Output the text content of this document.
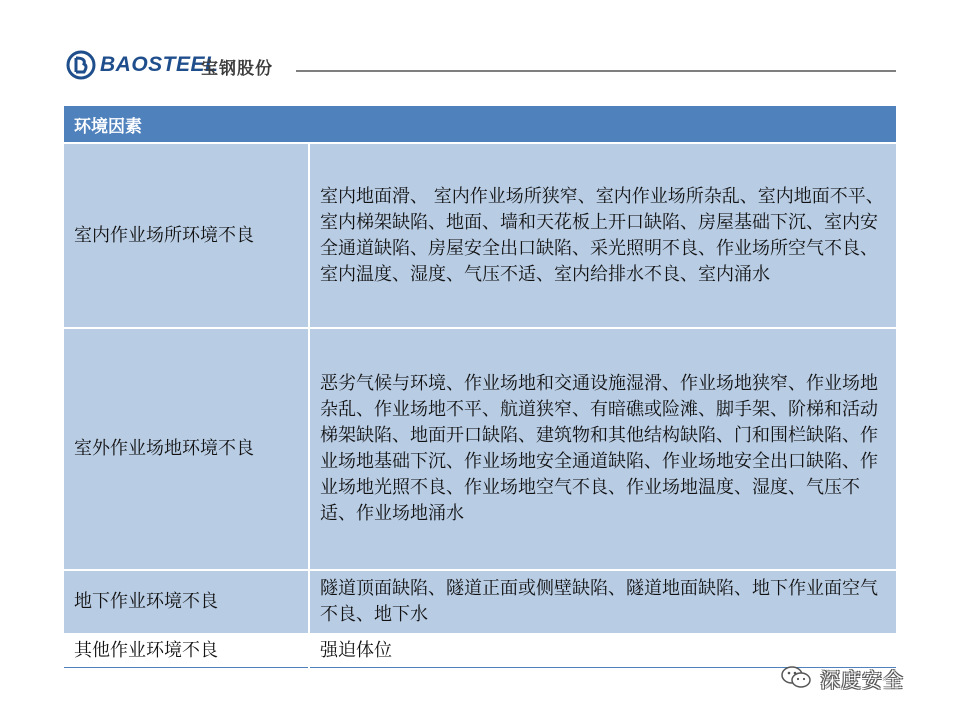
BAOSTEEL
宝钢股份
环境因素	
室内作业场所环境不良	室内地面滑、 室内作业场所狭窄、室内作业场所杂乱、室内地面不平、室内梯架缺陷、地面、墙和天花板上开口缺陷、房屋基础下沉、室内安全通道缺陷、房屋安全出口缺陷、采光照明不良、作业场所空气不良、室内温度、湿度、气压不适、室内给排水不良、室内涌水
室外作业场地环境不良	恶劣气候与环境、作业场地和交通设施湿滑、作业场地狭窄、作业场地杂乱、作业场地不平、航道狭窄、有暗礁或险滩、脚手架、阶梯和活动梯架缺陷、地面开口缺陷、建筑物和其他结构缺陷、门和围栏缺陷、作业场地基础下沉、作业场地安全通道缺陷、作业场地安全出口缺陷、作业场地光照不良、作业场地空气不良、作业场地温度、湿度、气压不适、作业场地涌水
地下作业环境不良	隧道顶面缺陷、隧道正面或侧壁缺陷、隧道地面缺陷、地下作业面空气不良、地下水
其他作业环境不良	强迫体位
深度安全
